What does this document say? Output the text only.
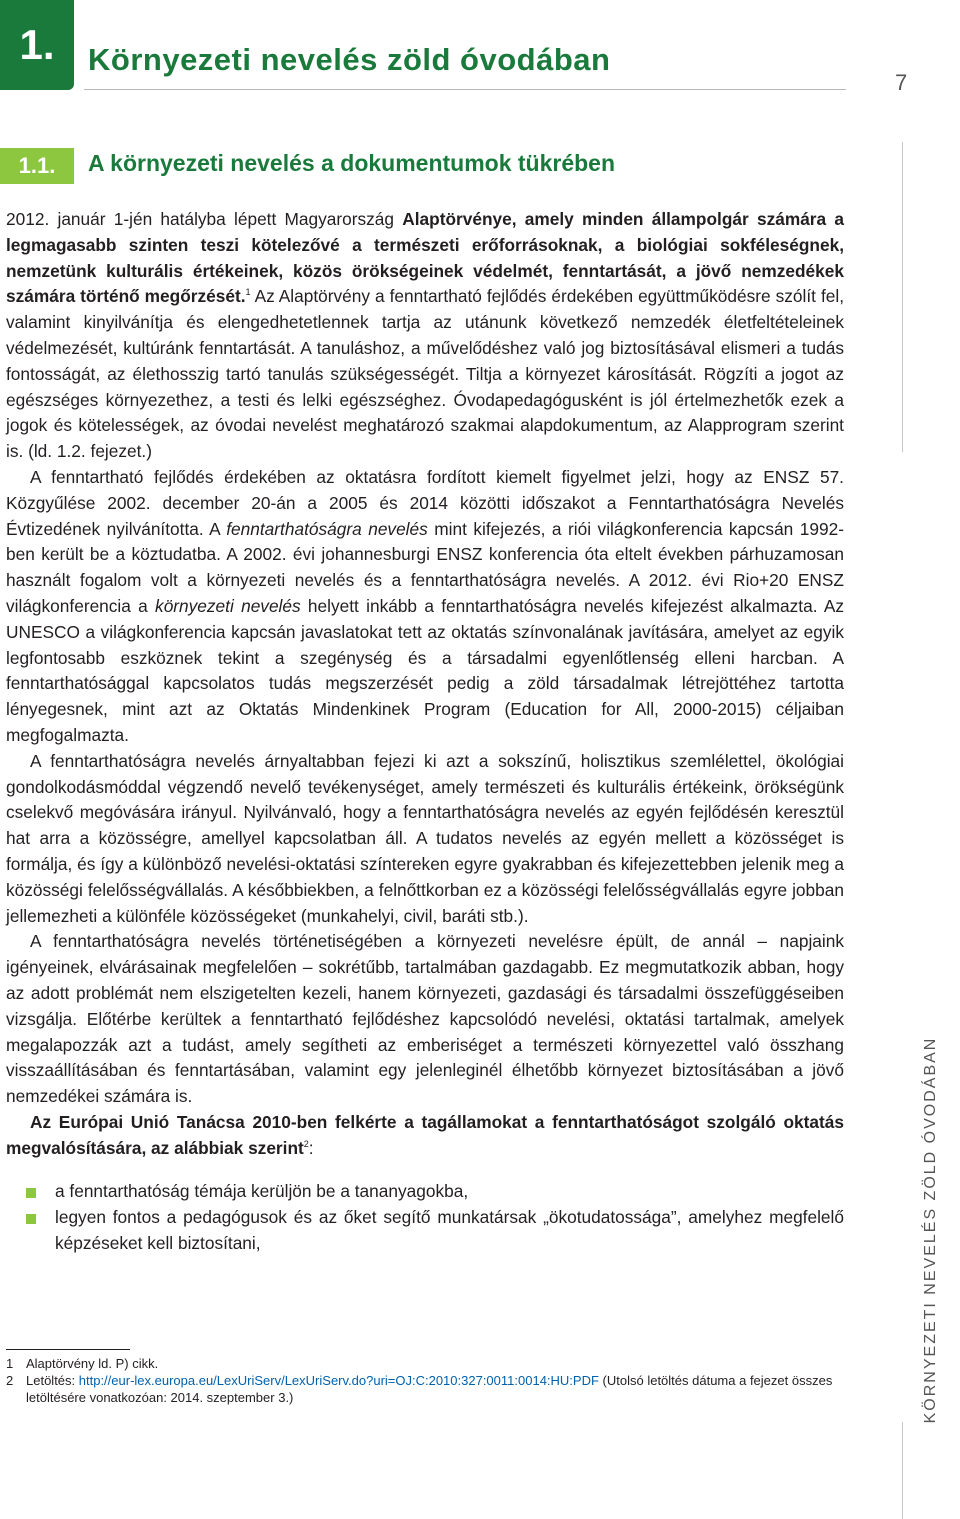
1. Környezeti nevelés zöld óvodában
7
KÖRNYEZETI NEVELÉS ZÖLD ÓVODÁBAN
1.1. A környezeti nevelés a dokumentumok tükrében

2012. január 1-jén hatályba lépett Magyarország Alaptörvénye, amely minden állampolgár számára a legmagasabb szinten teszi kötelezővé a természeti erőforrásoknak, a biológiai sokféleségnek, nemzetünk kulturális értékeinek, közös örökségeinek védelmét, fenntartását, a jövő nemzedékek számára történő megőrzését.$^1$ Az Alaptörvény a fenntartható fejlődés érdekében együttműködésre szólít fel, valamint kinyilvánítja és elengedhetetlennek tartja az utánunk következő nemzedék életfeltételeinek védelmezését, kultúránk fenntartását. A tanuláshoz, a művelődéshez való jog biztosításával elismeri a tudás fontosságát, az élethosszig tartó tanulás szükségességét. Tiltja a környezet károsítását. Rögzíti a jogot az egészséges környezethez, a testi és lelki egészséghez. Óvodapedagógusként is jól értelmezhetők ezek a jogok és kötelességek, az óvodai nevelést meghatározó szakmai alapdokumentum, az Alapprogram szerint is. (ld. 1.2. fejezet.)

A fenntartható fejlődés érdekében az oktatásra fordított kiemelt figyelmet jelzi, hogy az ENSZ 57. Közgyűlése 2002. december 20-án a 2005 és 2014 közötti időszakot a Fenntarthatóságra Nevelés Évtizedének nyilvánította. A fenntarthatóságra nevelés mint kifejezés, a riói világkonferencia kapcsán 1992-ben került be a köztudatba. A 2002. évi johannesburgi ENSZ konferencia óta eltelt években párhuzamosan használt fogalom volt a környezeti nevelés és a fenntarthatóságra nevelés. A 2012. évi Rio+20 ENSZ világkonferencia a környezeti nevelés helyett inkább a fenntarthatóságra nevelés kifejezést alkalmazta. Az UNESCO a világkonferencia kapcsán javaslatokat tett az oktatás színvonalának javítására, amelyet az egyik legfontosabb eszköznek tekint a szegénység és a társadalmi egyenlőtlenség elleni harcban. A fenntarthatósággal kapcsolatos tudás megszerzését pedig a zöld társadalmak létrejöttéhez tartotta lényegesnek, mint azt az Oktatás Mindenkinek Program (Education for All, 2000-2015) céljaiban megfogalmazta.

A fenntarthatóságra nevelés árnyaltabban fejezi ki azt a sokszínű, holisztikus szemlélettel, ökológiai gondolkodásmóddal végzendő nevelő tevékenységet, amely természeti és kulturális értékeink, örökségünk cselekvő megóvására irányul. Nyilvánvaló, hogy a fenntarthatóságra nevelés az egyén fejlődésén keresztül hat arra a közösségre, amellyel kapcsolatban áll. A tudatos nevelés az egyén mellett a közösséget is formálja, és így a különböző nevelési-oktatási színtereken egyre gyakrabban és kifejezettebben jelenik meg a közösségi felelősségvállalás. A későbbiekben, a felnőttkorban ez a közösségi felelősségvállalás egyre jobban jellemezheti a különféle közösségeket (munkahelyi, civil, baráti stb.).

A fenntarthatóságra nevelés történetiségében a környezeti nevelésre épült, de annál – napjaink igényeinek, elvárásainak megfelelően – sokrétűbb, tartalmában gazdagabb. Ez megmutatkozik abban, hogy az adott problémát nem elszigetelten kezeli, hanem környezeti, gazdasági és társadalmi összefüggéseiben vizsgálja. Előtérbe kerültek a fenntartható fejlődéshez kapcsolódó nevelési, oktatási tartalmak, amelyek megalapozzák azt a tudást, amely segítheti az emberiséget a természeti környezettel való összhang visszaállításában és fenntartásában, valamint egy jelenleginél élhetőbb környezet biztosításában a jövő nemzedékei számára is.

Az Európai Unió Tanácsa 2010-ben felkérte a tagállamokat a fenntarthatóságot szolgáló oktatás megvalósítására, az alábbiak szerint$^2$:

a fenntarthatóság témája kerüljön be a tananyagokba,
legyen fontos a pedagógusok és az őket segítő munkatársak „ökotudatossága”, amelyhez megfelelő képzéseket kell biztosítani,
1 Alaptörvény ld. P) cikk.
2 Letöltés: http://eur-lex.europa.eu/LexUriServ/LexUriServ.do?uri=OJ:C:2010:327:0011:0014:HU:PDF (Utolsó letöltés dátuma a fejezet összes letöltésére vonatkozóan: 2014. szeptember 3.)
